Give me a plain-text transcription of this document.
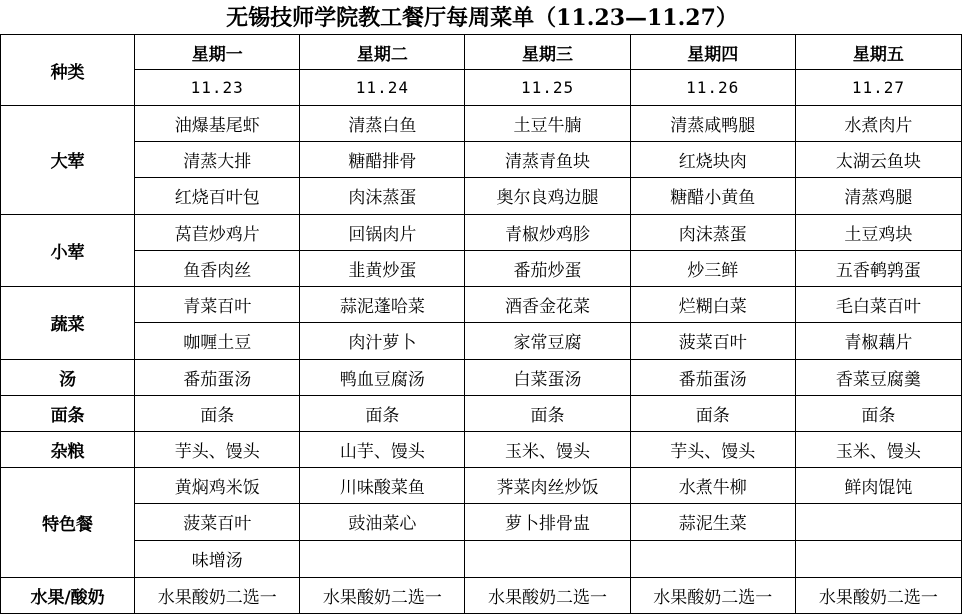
无锡技师学院教工餐厅每周菜单（11.23—11.27）
种类	星期一	星期二	星期三	星期四	星期五
	11.23	11.24	11.25	11.26	11.27
大荤	油爆基尾虾	清蒸白鱼	土豆牛腩	清蒸咸鸭腿	水煮肉片
	清蒸大排	糖醋排骨	清蒸青鱼块	红烧块肉	太湖云鱼块
	红烧百叶包	肉沫蒸蛋	奥尔良鸡边腿	糖醋小黄鱼	清蒸鸡腿
小荤	莴苣炒鸡片	回锅肉片	青椒炒鸡胗	肉沫蒸蛋	土豆鸡块
	鱼香肉丝	韭黄炒蛋	番茄炒蛋	炒三鲜	五香鹌鹑蛋
蔬菜	青菜百叶	蒜泥蓬哈菜	酒香金花菜	烂糊白菜	毛白菜百叶
	咖喱土豆	肉汁萝卜	家常豆腐	菠菜百叶	青椒藕片
汤	番茄蛋汤	鸭血豆腐汤	白菜蛋汤	番茄蛋汤	香菜豆腐羹
面条	面条	面条	面条	面条	面条
杂粮	芋头、馒头	山芋、馒头	玉米、馒头	芋头、馒头	玉米、馒头
特色餐	黄焖鸡米饭	川味酸菜鱼	荠菜肉丝炒饭	水煮牛柳	鲜肉馄饨
	菠菜百叶	豉油菜心	萝卜排骨盅	蒜泥生菜	
	味增汤				
水果/酸奶	水果酸奶二选一	水果酸奶二选一	水果酸奶二选一	水果酸奶二选一	水果酸奶二选一
